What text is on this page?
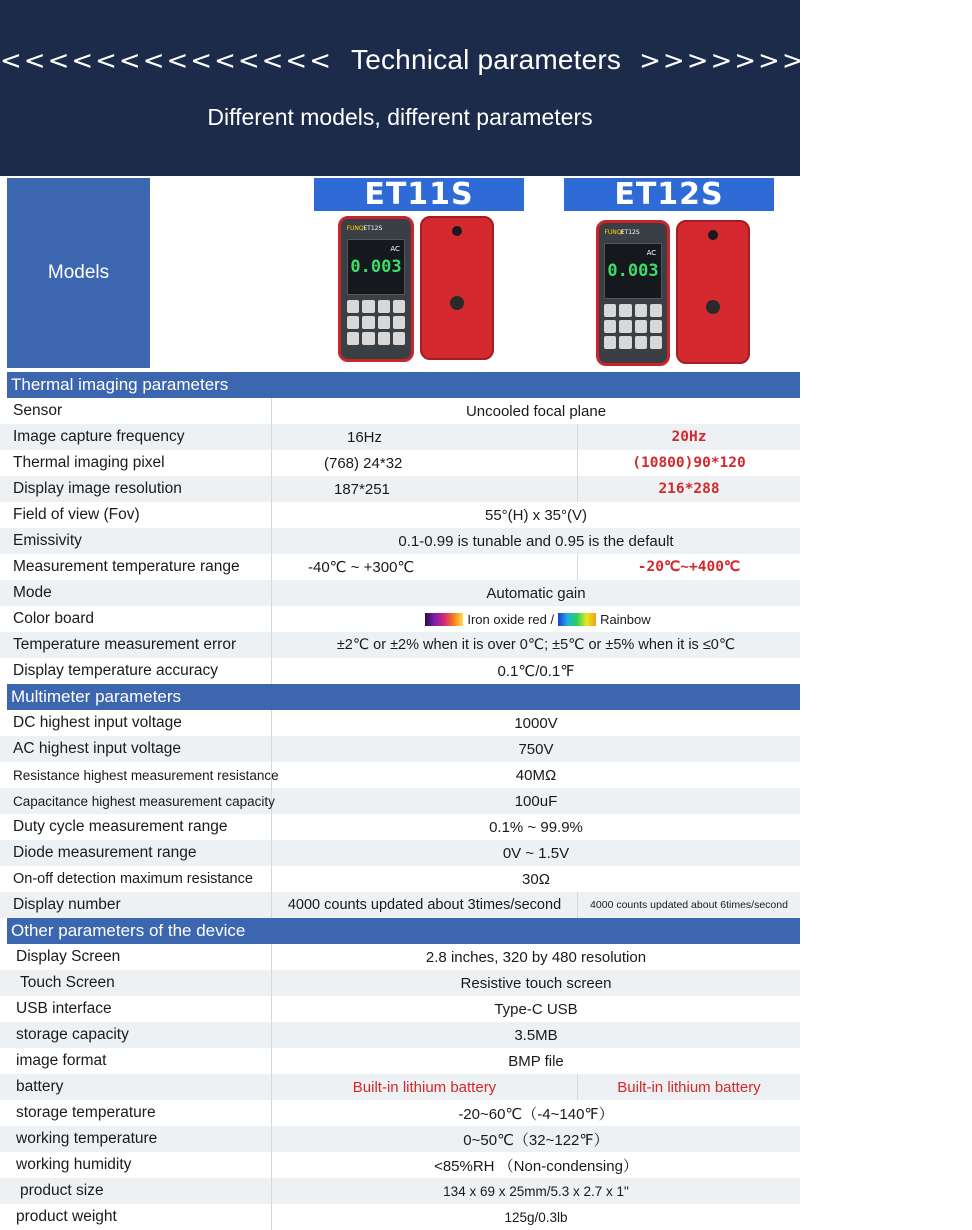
<<<<<<<<<<<<<< Technical parameters >>>>>>>>>>>>>>
Different models, different parameters
Models
ET11S	ET12S
FUNQI
ET12S
AC
0.003
FUNQI
ET12S
AC
0.003
Thermal imaging parameters
Sensor	Uncooled focal plane
Image capture frequency	16Hz	20Hz
Thermal imaging pixel	(768) 24*32	(10800)90*120
Display image resolution	187*251	216*288
Field of view (Fov)	55°(H) x 35°(V)
Emissivity	0.1-0.99 is tunable and 0.95 is the default
Measurement temperature range	-40℃ ~ +300℃	-20℃~+400℃
Mode	Automatic gain
Color board	Iron oxide red /	Rainbow
Temperature measurement error	±2℃ or ±2% when it is over 0℃; ±5℃ or ±5% when it is ≤0℃
Display temperature accuracy	0.1℃/0.1℉
Multimeter parameters
DC highest input voltage	1000V
AC highest input voltage	750V
Resistance highest measurement resistance	40MΩ
Capacitance highest measurement capacity	100uF
Duty cycle measurement range	0.1% ~ 99.9%
Diode measurement range	0V ~ 1.5V
On-off detection maximum resistance	30Ω
Display number	4000 counts updated about 3times/second	4000 counts updated about 6times/second
Other parameters of the device
Display Screen	2.8 inches, 320 by 480 resolution
Touch Screen	Resistive touch screen
USB interface	Type-C USB
storage capacity	3.5MB
image format	BMP file
battery	Built-in lithium battery	Built-in lithium battery
storage temperature	-20~60℃（-4~140℉）
working temperature	0~50℃（32~122℉）
working humidity	<85%RH （Non-condensing）
product size	134 x 69 x 25mm/5.3 x 2.7 x 1"
product weight	125g/0.3lb
